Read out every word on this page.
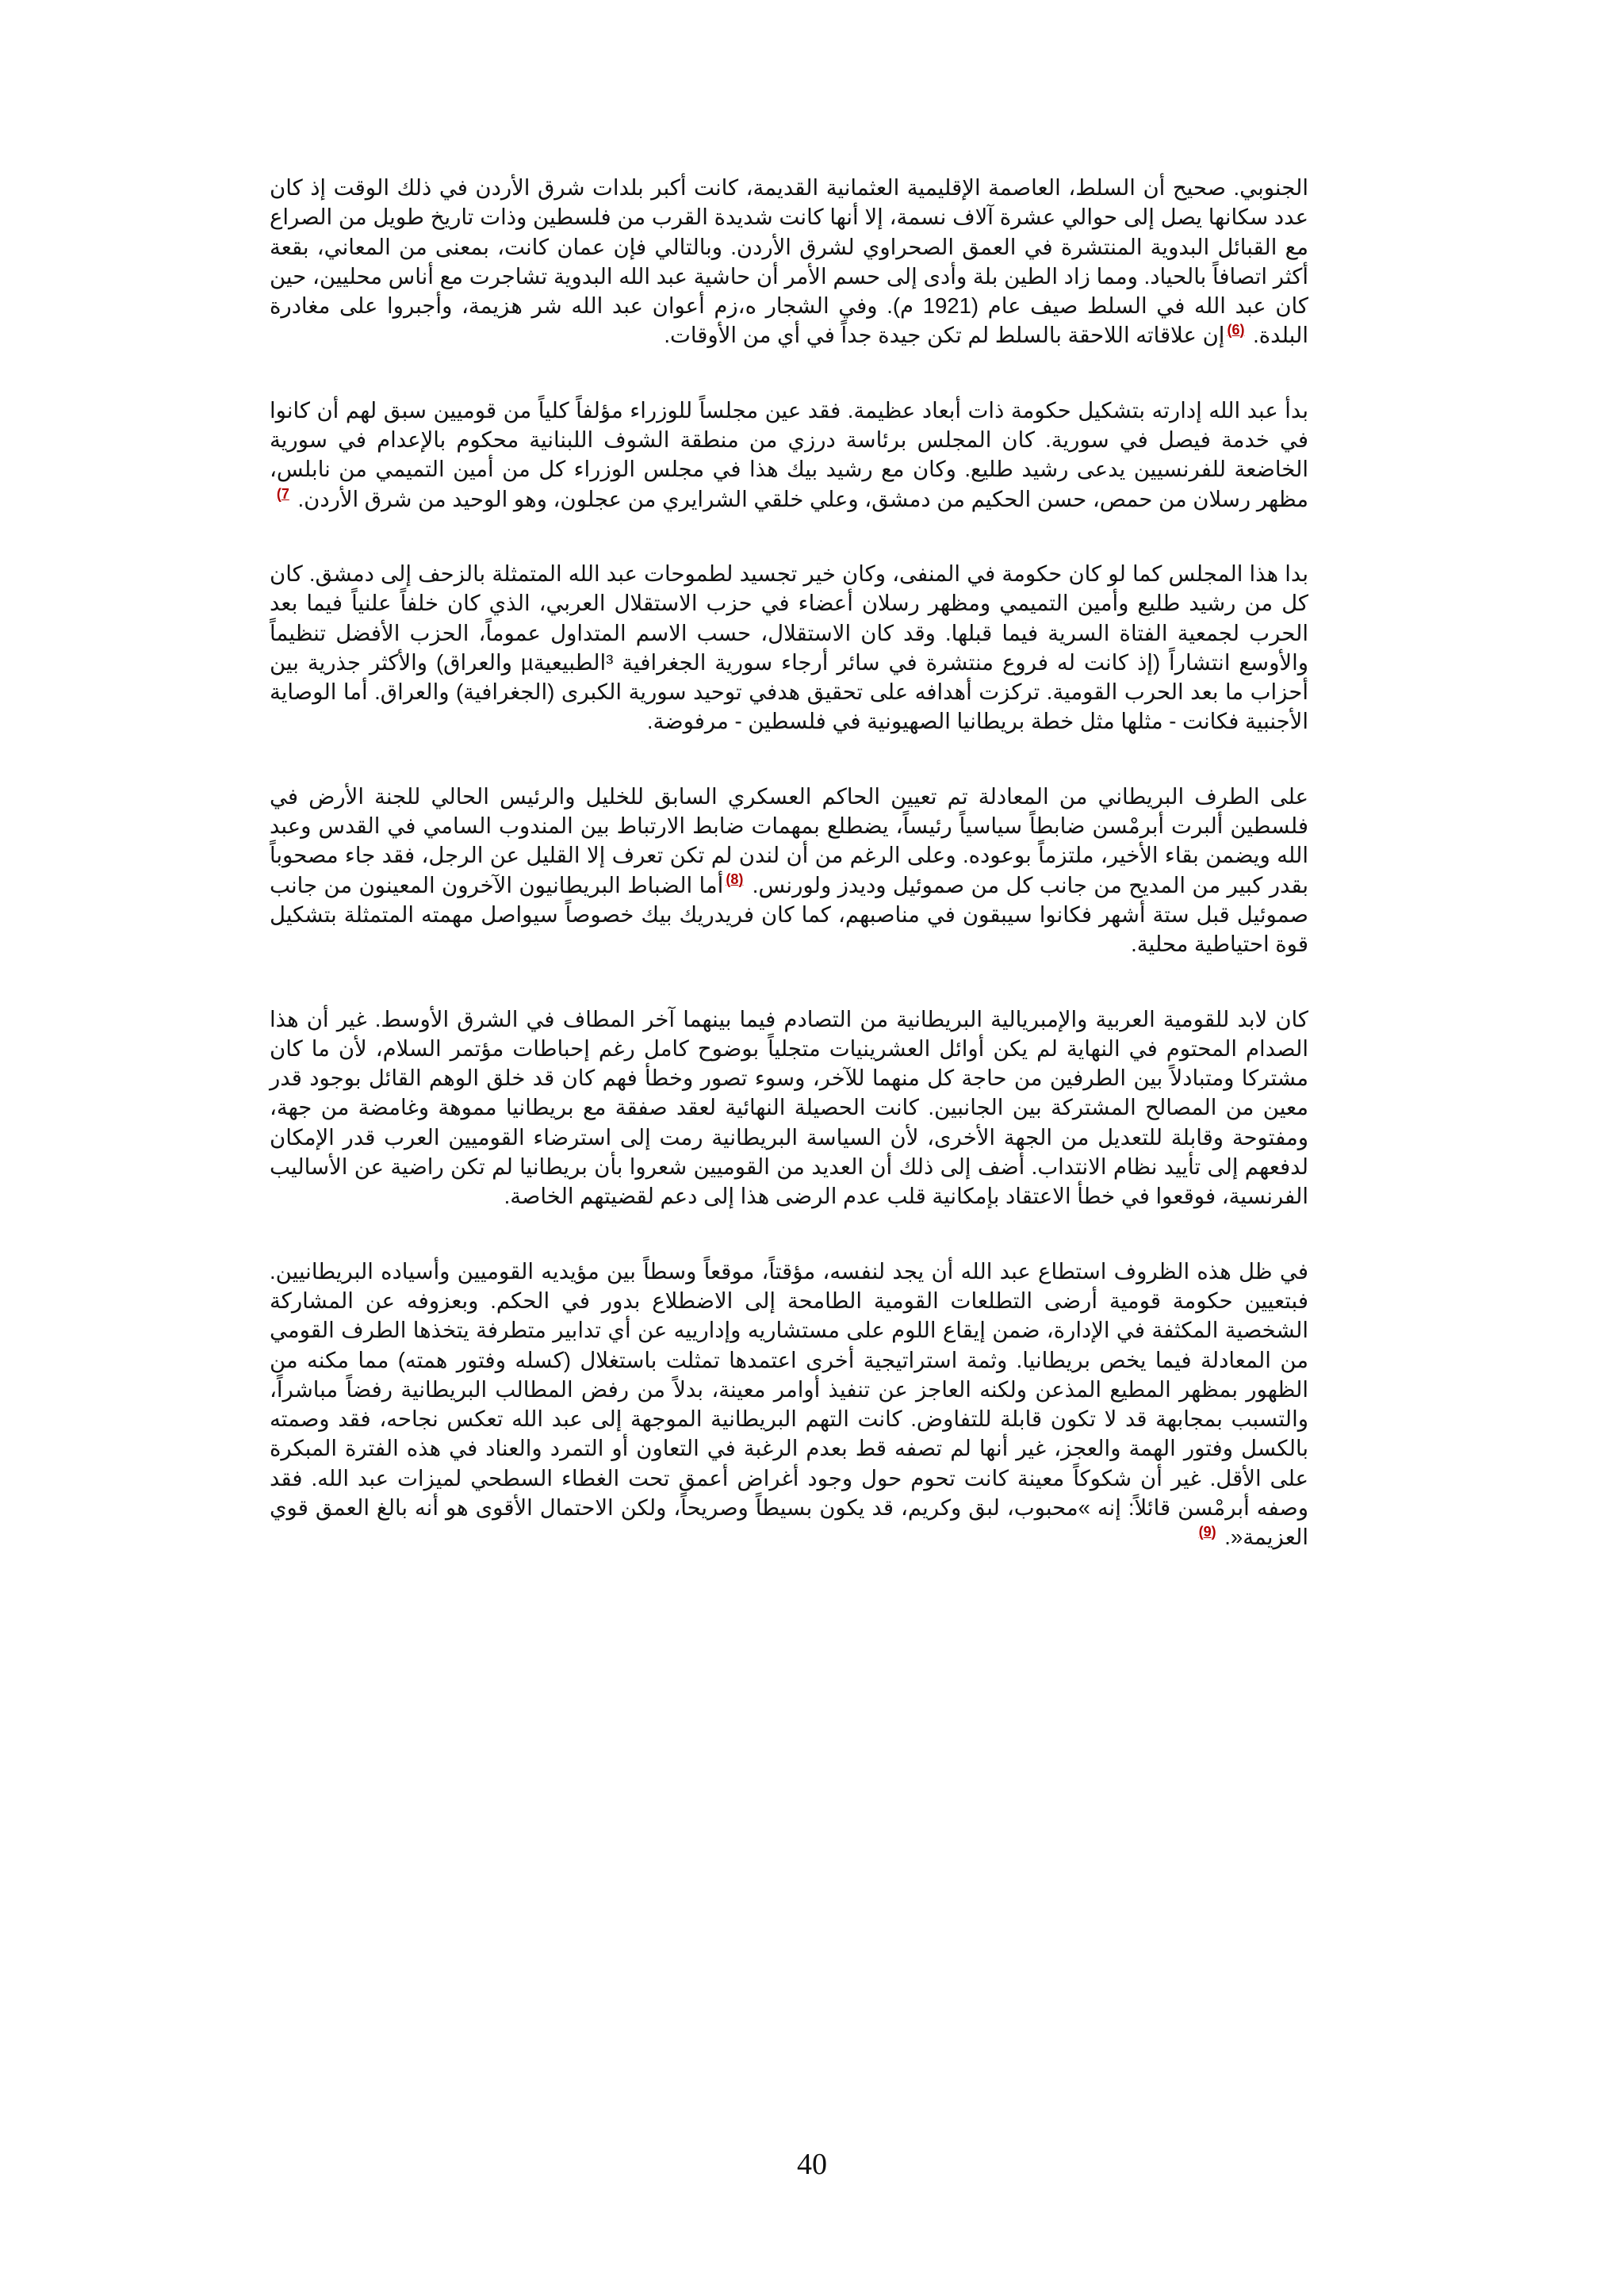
الجنوبي. صحيح أن السلط، العاصمة الإقليمية العثمانية القديمة، كانت أكبر بلدات شرق الأردن في ذلك الوقت إذ كان عدد سكانها يصل إلى حوالي عشرة آلاف نسمة، إلا أنها كانت شديدة القرب من فلسطين وذات تاريخ طويل من الصراع مع القبائل البدوية المنتشرة في العمق الصحراوي لشرق الأردن. وبالتالي فإن عمان كانت، بمعنى من المعاني، بقعة أكثر اتصافاً بالحياد. ومما زاد الطين بلة وأدى إلى حسم الأمر أن حاشية عبد الله البدوية تشاجرت مع أناس محليين، حين كان عبد الله في السلط صيف عام (1921 م). وفي الشجار ه،زم أعوان عبد الله شر هزيمة، وأجبروا على مغادرة البلدة. $^{(6)}$إن علاقاته اللاحقة بالسلط لم تكن جيدة جداً في أي من الأوقات.

بدأ عبد الله إدارته بتشكيل حكومة ذات أبعاد عظيمة. فقد عين مجلساً للوزراء مؤلفاً كلياً من قوميين سبق لهم أن كانوا في خدمة فيصل في سورية. كان المجلس برئاسة درزي من منطقة الشوف اللبنانية محكوم بالإعدام في سورية الخاضعة للفرنسيين يدعى رشيد طليع. وكان مع رشيد بيك هذا في مجلس الوزراء كل من أمين التميمي من نابلس، مظهر رسلان من حمص، حسن الحكيم من دمشق، وعلي خلقي الشرايري من عجلون، وهو الوحيد من شرق الأردن. $^{7)}$

بدا هذا المجلس كما لو كان حكومة في المنفى، وكان خير تجسيد لطموحات عبد الله المتمثلة بالزحف إلى دمشق. كان كل من رشيد طليع وأمين التميمي ومظهر رسلان أعضاء في حزب الاستقلال العربي، الذي كان خلفاً علنياً فيما بعد الحرب لجمعية الفتاة السرية فيما قبلها. وقد كان الاستقلال، حسب الاسم المتداول عموماً، الحزب الأفضل تنظيماً والأوسع انتشاراً (إذ كانت له فروع منتشرة في سائر أرجاء سورية الجغرافية ³الطبيعيةµ والعراق) والأكثر جذرية بين أحزاب ما بعد الحرب القومية. تركزت أهدافه على تحقيق هدفي توحيد سورية الكبرى (الجغرافية) والعراق. أما الوصاية الأجنبية فكانت - مثلها مثل خطة بريطانيا الصهيونية في فلسطين - مرفوضة.

على الطرف البريطاني من المعادلة تم تعيين الحاكم العسكري السابق للخليل والرئيس الحالي للجنة الأرض في فلسطين ألبرت أبرمْسن ضابطاً سياسياً رئيساً، يضطلع بمهمات ضابط الارتباط بين المندوب السامي في القدس وعبد الله ويضمن بقاء الأخير، ملتزماً بوعوده. وعلى الرغم من أن لندن لم تكن تعرف إلا القليل عن الرجل، فقد جاء مصحوباً بقدر كبير من المديح من جانب كل من صموئيل وديدز ولورنس. $^{(8)}$أما الضباط البريطانيون الآخرون المعينون من جانب صموئيل قبل ستة أشهر فكانوا سيبقون في مناصبهم، كما كان فريدريك بيك خصوصاً سيواصل مهمته المتمثلة بتشكيل قوة احتياطية محلية.

كان لابد للقومية العربية والإمبريالية البريطانية من التصادم فيما بينهما آخر المطاف في الشرق الأوسط. غير أن هذا الصدام المحتوم في النهاية لم يكن أوائل العشرينيات متجلياً بوضوح كامل رغم إحباطات مؤتمر السلام، لأن ما كان مشتركا ومتبادلاً بين الطرفين من حاجة كل منهما للآخر، وسوء تصور وخطأ فهم كان قد خلق الوهم القائل بوجود قدر معين من المصالح المشتركة بين الجانبين. كانت الحصيلة النهائية لعقد صفقة مع بريطانيا مموهة وغامضة من جهة، ومفتوحة وقابلة للتعديل من الجهة الأخرى، لأن السياسة البريطانية رمت إلى استرضاء القوميين العرب قدر الإمكان لدفعهم إلى تأييد نظام الانتداب. أضف إلى ذلك أن العديد من القوميين شعروا بأن بريطانيا لم تكن راضية عن الأساليب الفرنسية، فوقعوا في خطأ الاعتقاد بإمكانية قلب عدم الرضى هذا إلى دعم لقضيتهم الخاصة.

في ظل هذه الظروف استطاع عبد الله أن يجد لنفسه، مؤقتاً، موقعاً وسطاً بين مؤيديه القوميين وأسياده البريطانيين. فبتعيين حكومة قومية أرضى التطلعات القومية الطامحة إلى الاضطلاع بدور في الحكم. وبعزوفه عن المشاركة الشخصية المكثفة في الإدارة، ضمن إيقاع اللوم على مستشاريه وإدارييه عن أي تدابير متطرفة يتخذها الطرف القومي من المعادلة فيما يخص بريطانيا. وثمة استراتيجية أخرى اعتمدها تمثلت باستغلال (كسله وفتور همته) مما مكنه من الظهور بمظهر المطيع المذعن ولكنه العاجز عن تنفيذ أوامر معينة، بدلاً من رفض المطالب البريطانية رفضاً مباشراً، والتسبب بمجابهة قد لا تكون قابلة للتفاوض. كانت التهم البريطانية الموجهة إلى عبد الله تعكس نجاحه، فقد وصمته بالكسل وفتور الهمة والعجز، غير أنها لم تصفه قط بعدم الرغبة في التعاون أو التمرد والعناد في هذه الفترة المبكرة على الأقل. غير أن شكوكاً معينة كانت تحوم حول وجود أغراض أعمق تحت الغطاء السطحي لميزات عبد الله. فقد وصفه أبرمْسن قائلاً: إنه »محبوب، لبق وكريم، قد يكون بسيطاً وصريحاً، ولكن الاحتمال الأقوى هو أنه بالغ العمق قوي العزيمة«. $^{(9)}$

40
